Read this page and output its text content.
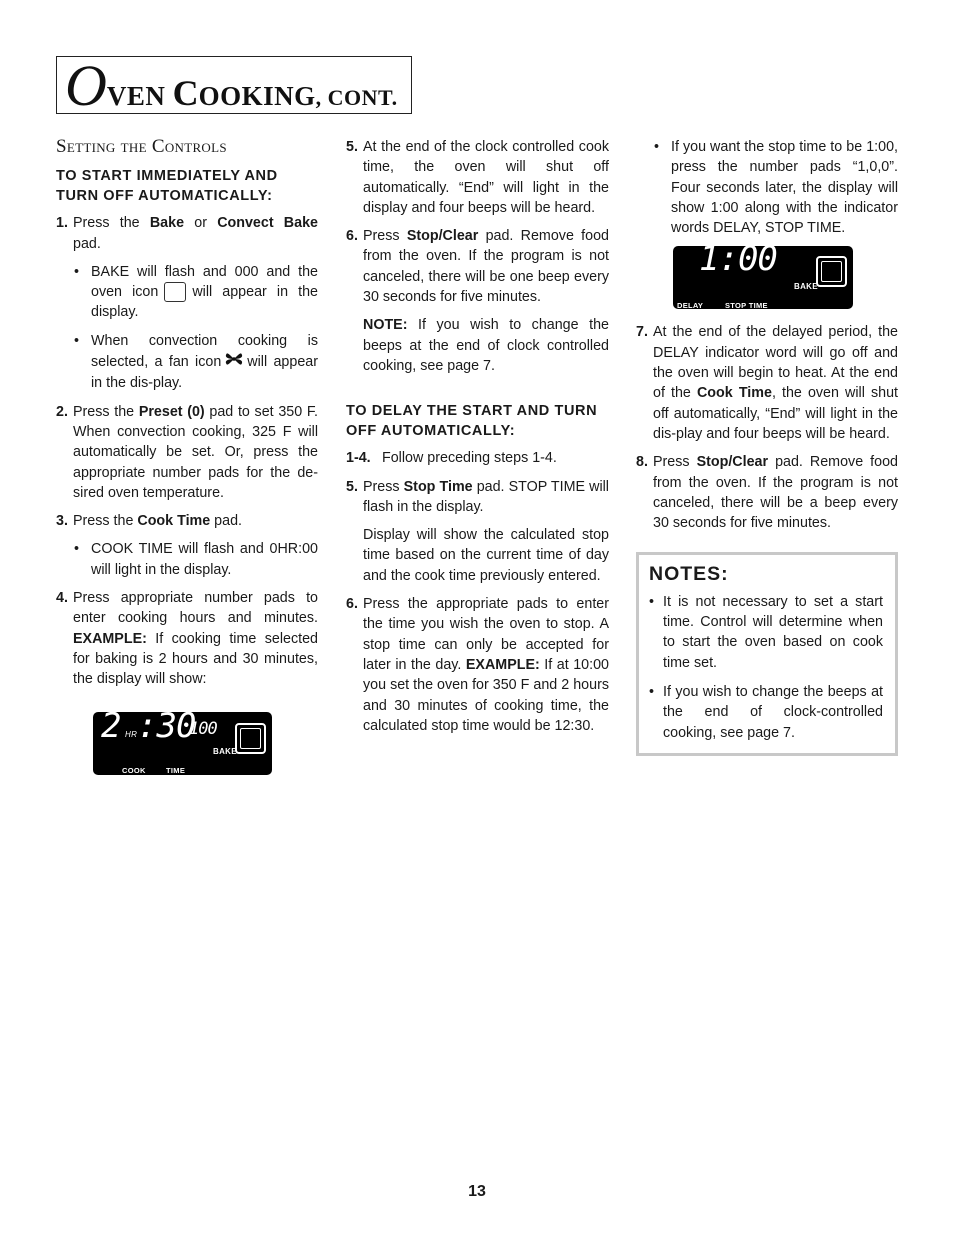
OVEN COOKING, CONT.
Setting the Controls
TO START IMMEDIATELY AND TURN OFF AUTOMATICALLY:
1. Press the Bake or Convect Bake pad.
• BAKE will flash and 000 and the oven icon will appear in the display.
• When convection cooking is selected, a fan icon will appear in the dis-play.
2. Press the Preset (0) pad to set 350 F. When convection cooking, 325 F will automatically be set. Or, press the appropriate number pads for the de-sired oven temperature.
3. Press the Cook Time pad.
• COOK TIME will flash and 0HR:00 will light in the display.
4. Press appropriate number pads to enter cooking hours and minutes. EXAMPLE: If cooking time selected for baking is 2 hours and 30 minutes, the display will show:
2 HR :30
100
BAKE
COOK	TIME
5. At the end of the clock controlled cook time, the oven will shut off automatically. “End” will light in the display and four beeps will be heard.
6. Press Stop/Clear pad. Remove food from the oven. If the program is not canceled, there will be one beep every 30 seconds for five minutes.
NOTE: If you wish to change the beeps at the end of clock controlled cooking, see page 7.
TO DELAY THE START AND TURN OFF AUTOMATICALLY:
1-4. Follow preceding steps 1-4.
5. Press Stop Time pad. STOP TIME will flash in the display.
Display will show the calculated stop time based on the current time of day and the cook time previously entered.
6. Press the appropriate pads to enter the time you wish the oven to stop. A stop time can only be accepted for later in the day. EXAMPLE: If at 10:00 you set the oven for 350 F and 2 hours and 30 minutes of cooking time, the calculated stop time would be 12:30.
• If you want the stop time to be 1:00, press the number pads “1,0,0”. Four seconds later, the display will show 1:00 along with the indicator words DELAY, STOP TIME.
1:00
BAKE
DELAY	STOP TIME
7. At the end of the delayed period, the DELAY indicator word will go off and the oven will begin to heat. At the end of the Cook Time, the oven will shut off automatically, “End” will light in the dis-play and four beeps will be heard.
8. Press Stop/Clear pad. Remove food from the oven. If the program is not canceled, there will be a beep every 30 seconds for five minutes.
NOTES:
• It is not necessary to set a start time. Control will determine when to start the oven based on cook time set.
• If you wish to change the beeps at the end of clock-controlled cooking, see page 7.
13
